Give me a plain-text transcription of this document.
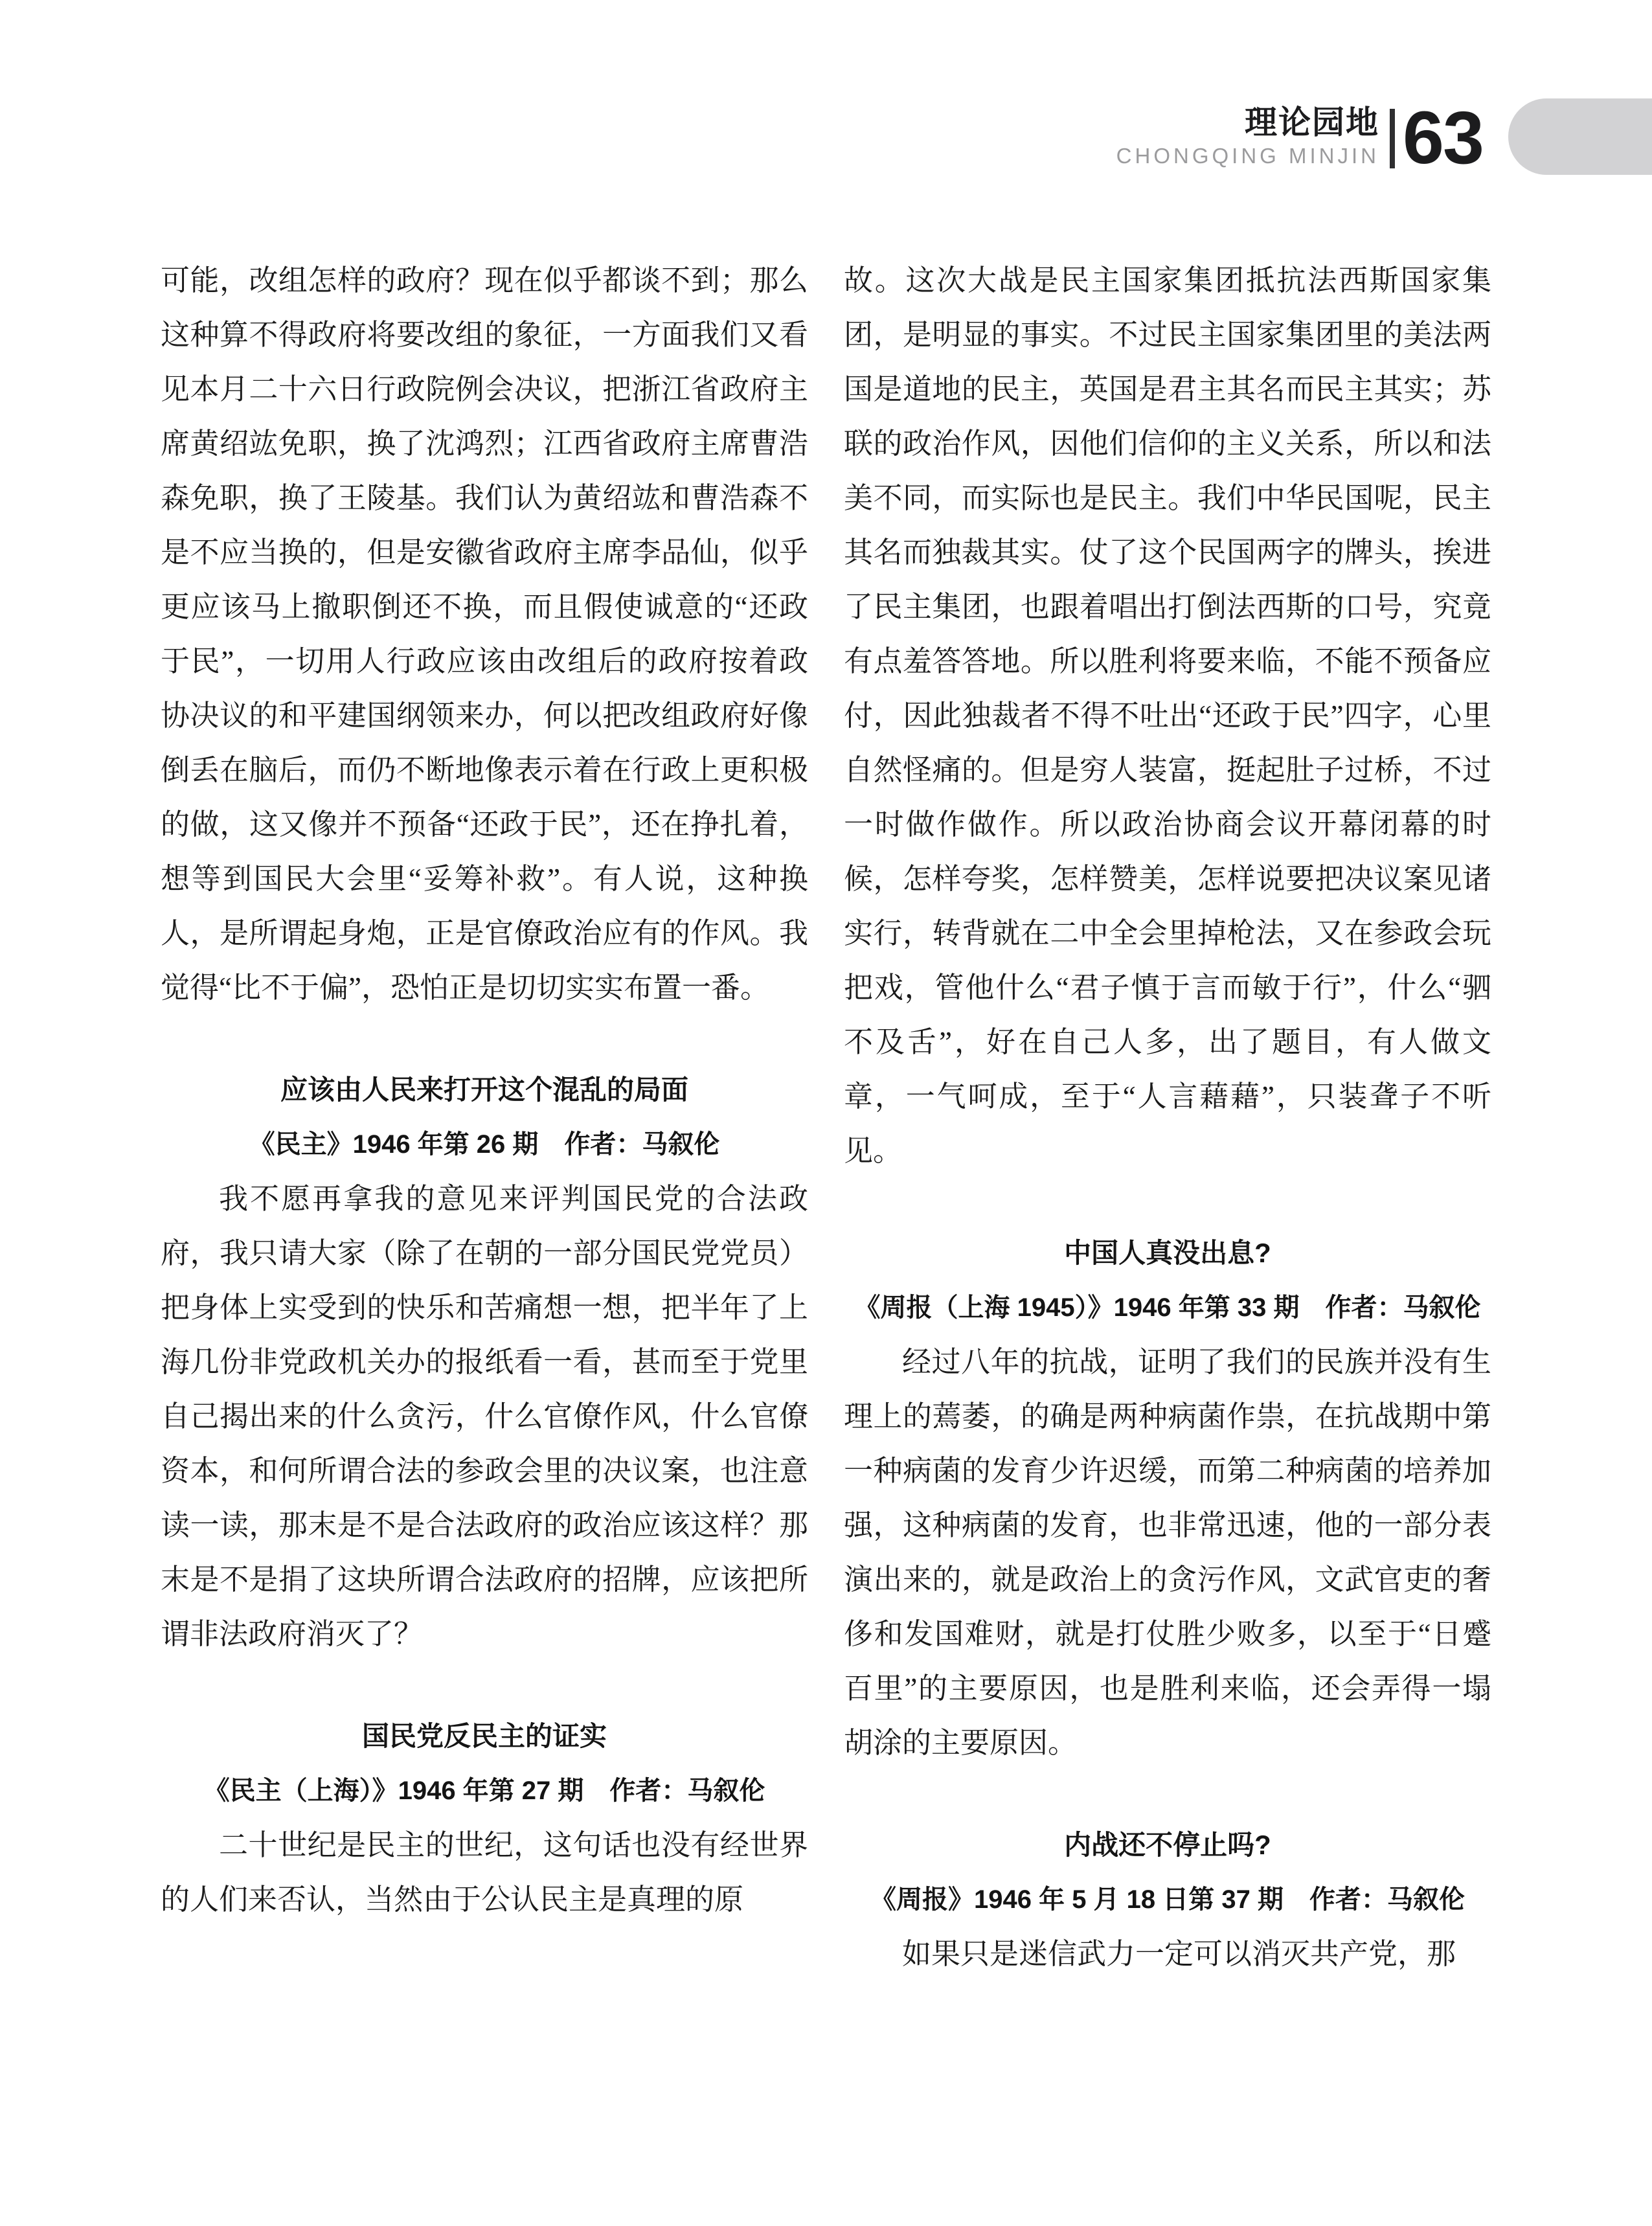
理论园地
CHONGQING MINJIN 63

可能，改组怎样的政府？现在似乎都谈不到；那么这种算不得政府将要改组的象征，一方面我们又看见本月二十六日行政院例会决议，把浙江省政府主席黄绍竑免职，换了沈鸿烈；江西省政府主席曹浩森免职，换了王陵基。我们认为黄绍竑和曹浩森不是不应当换的，但是安徽省政府主席李品仙，似乎更应该马上撤职倒还不换，而且假使诚意的“还政于民”，一切用人行政应该由改组后的政府按着政协决议的和平建国纲领来办，何以把改组政府好像倒丢在脑后，而仍不断地像表示着在行政上更积极的做，这又像并不预备“还政于民”，还在挣扎着，想等到国民大会里“妥筹补救”。有人说，这种换人，是所谓起身炮，正是官僚政治应有的作风。我觉得“比不于偏”，恐怕正是切切实实布置一番。

应该由人民来打开这个混乱的局面
《民主》1946 年第 26 期　作者：马叙伦

我不愿再拿我的意见来评判国民党的合法政府，我只请大家（除了在朝的一部分国民党党员）把身体上实受到的快乐和苦痛想一想，把半年了上海几份非党政机关办的报纸看一看，甚而至于党里自己揭出来的什么贪污，什么官僚作风，什么官僚资本，和何所谓合法的参政会里的决议案，也注意读一读，那末是不是合法政府的政治应该这样？那末是不是捐了这块所谓合法政府的招牌，应该把所谓非法政府消灭了？

国民党反民主的证实
《民主（上海）》1946 年第 27 期　作者：马叙伦

二十世纪是民主的世纪，这句话也没有经世界的人们来否认，当然由于公认民主是真理的原

故。这次大战是民主国家集团抵抗法西斯国家集团，是明显的事实。不过民主国家集团里的美法两国是道地的民主，英国是君主其名而民主其实；苏联的政治作风，因他们信仰的主义关系，所以和法美不同，而实际也是民主。我们中华民国呢，民主其名而独裁其实。仗了这个民国两字的牌头，挨进了民主集团，也跟着唱出打倒法西斯的口号，究竟有点羞答答地。所以胜利将要来临，不能不预备应付，因此独裁者不得不吐出“还政于民”四字，心里自然怪痛的。但是穷人装富，挺起肚子过桥，不过一时做作做作。所以政治协商会议开幕闭幕的时候，怎样夸奖，怎样赞美，怎样说要把决议案见诸实行，转背就在二中全会里掉枪法，又在参政会玩把戏，管他什么“君子慎于言而敏于行”，什么“驷不及舌”，好在自己人多，出了题目，有人做文章，一气呵成，至于“人言藉藉”，只装聋子不听见。

中国人真没出息?
《周报（上海 1945）》1946 年第 33 期　作者：马叙伦

经过八年的抗战，证明了我们的民族并没有生理上的蔫萎，的确是两种病菌作祟，在抗战期中第一种病菌的发育少许迟缓，而第二种病菌的培养加强，这种病菌的发育，也非常迅速，他的一部分表演出来的，就是政治上的贪污作风，文武官吏的奢侈和发国难财，就是打仗胜少败多，以至于“日蹙百里”的主要原因，也是胜利来临，还会弄得一塌胡涂的主要原因。

内战还不停止吗?
《周报》1946 年 5 月 18 日第 37 期　作者：马叙伦

如果只是迷信武力一定可以消灭共产党，那
